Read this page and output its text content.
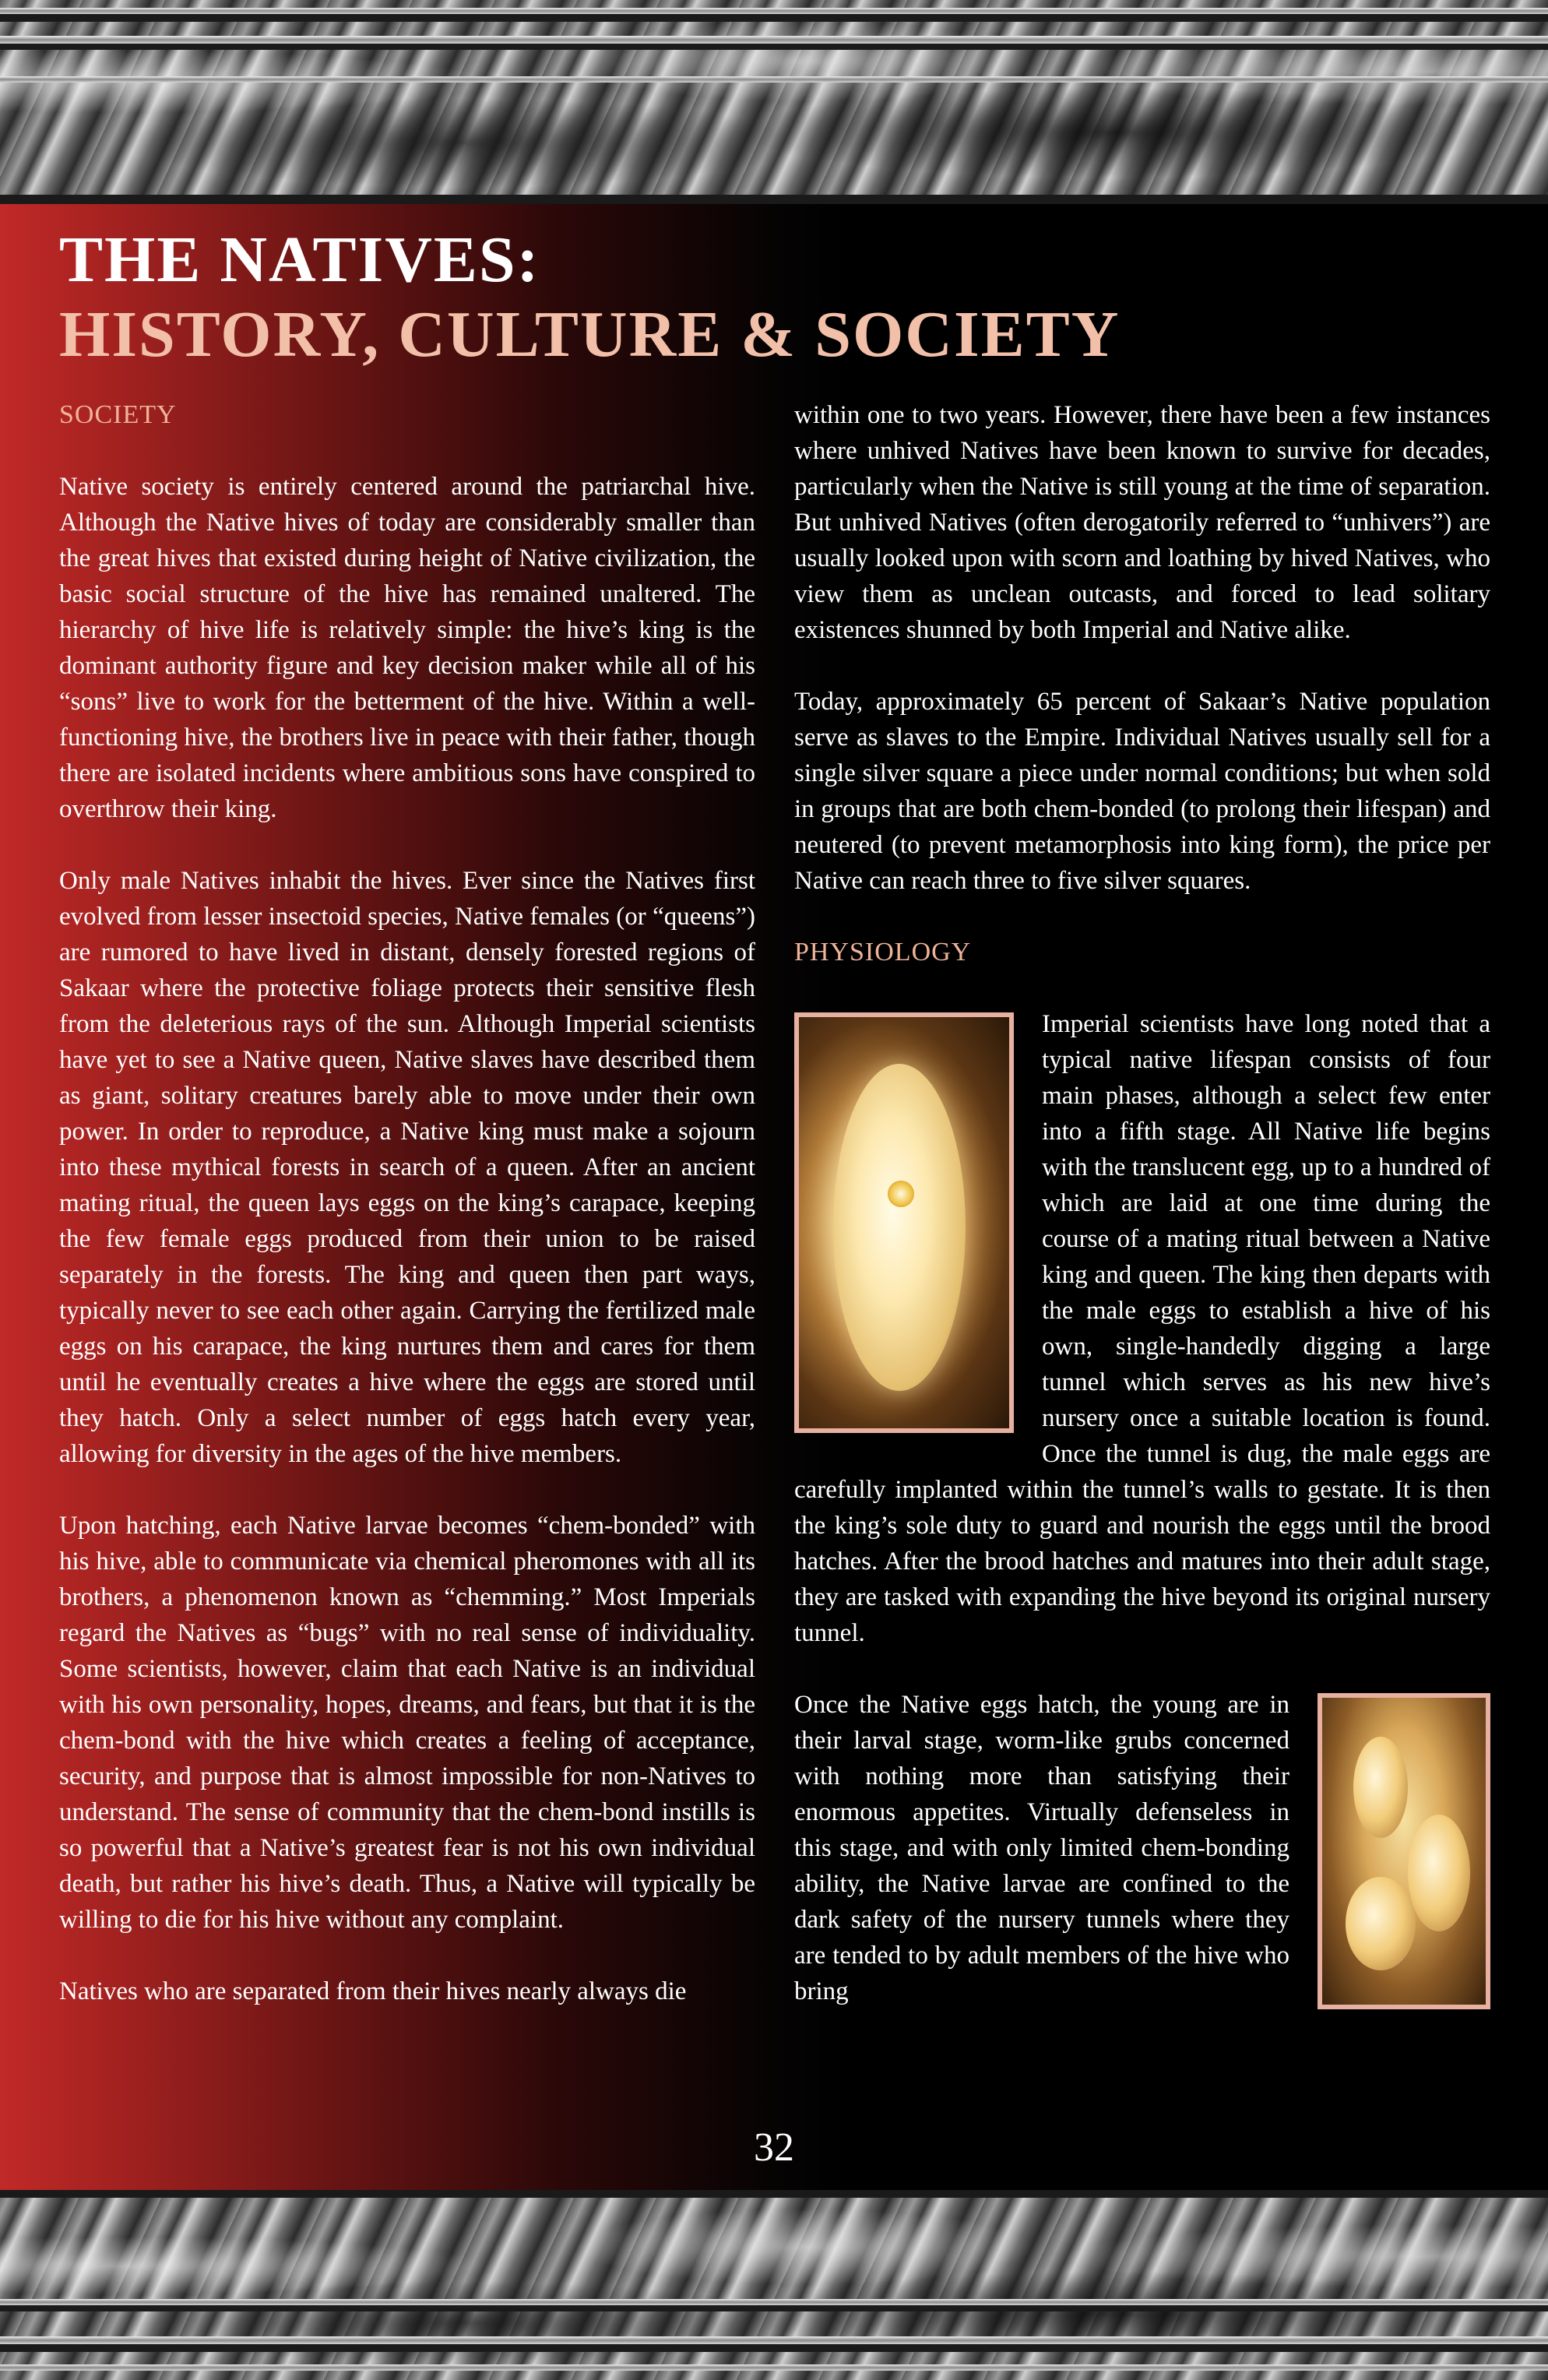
THE NATIVES:
HISTORY, CULTURE & SOCIETY
SOCIETY

Native society is entirely centered around the patriarchal hive. Although the Native hives of today are considerably smaller than the great hives that existed during height of Native civilization, the basic social structure of the hive has remained unaltered. The hierarchy of hive life is relatively simple: the hive’s king is the dominant authority figure and key decision maker while all of his “sons” live to work for the betterment of the hive. Within a well-functioning hive, the brothers live in peace with their father, though there are isolated incidents where ambitious sons have conspired to overthrow their king.

Only male Natives inhabit the hives. Ever since the Natives first evolved from lesser insectoid species, Native females (or “queens”) are rumored to have lived in distant, densely forested regions of Sakaar where the protective foliage protects their sensitive flesh from the deleterious rays of the sun. Although Imperial scientists have yet to see a Native queen, Native slaves have described them as giant, solitary creatures barely able to move under their own power. In order to reproduce, a Native king must make a sojourn into these mythical forests in search of a queen. After an ancient mating ritual, the queen lays eggs on the king’s carapace, keeping the few female eggs produced from their union to be raised separately in the forests. The king and queen then part ways, typically never to see each other again. Carrying the fertilized male eggs on his carapace, the king nurtures them and cares for them until he eventually creates a hive where the eggs are stored until they hatch. Only a select number of eggs hatch every year, allowing for diversity in the ages of the hive members.

Upon hatching, each Native larvae becomes “chem-bonded” with his hive, able to communicate via chemical pheromones with all its brothers, a phenomenon known as “chemming.” Most Imperials regard the Natives as “bugs” with no real sense of individuality. Some scientists, however, claim that each Native is an individual with his own personality, hopes, dreams, and fears, but that it is the chem-bond with the hive which creates a feeling of acceptance, security, and purpose that is almost impossible for non-Natives to understand. The sense of community that the chem-bond instills is so powerful that a Native’s greatest fear is not his own individual death, but rather his hive’s death. Thus, a Native will typically be willing to die for his hive without any complaint.

Natives who are separated from their hives nearly always die

within one to two years. However, there have been a few instances where unhived Natives have been known to survive for decades, particularly when the Native is still young at the time of separation. But unhived Natives (often derogatorily referred to “unhivers”) are usually looked upon with scorn and loathing by hived Natives, who view them as unclean outcasts, and forced to lead solitary existences shunned by both Imperial and Native alike.

Today, approximately 65 percent of Sakaar’s Native population serve as slaves to the Empire. Individual Natives usually sell for a single silver square a piece under normal conditions; but when sold in groups that are both chem-bonded (to prolong their lifespan) and neutered (to prevent metamorphosis into king form), the price per Native can reach three to five silver squares.

PHYSIOLOGY

Imperial scientists have long noted that a typical native lifespan consists of four main phases, although a select few enter into a fifth stage. All Native life begins with the translucent egg, up to a hundred of which are laid at one time during the course of a mating ritual between a Native king and queen. The king then departs with the male eggs to establish a hive of his own, single-handedly digging a large tunnel which serves as his new hive’s nursery once a suitable location is found. Once the tunnel is dug, the male eggs are carefully implanted within the tunnel’s walls to gestate. It is then the king’s sole duty to guard and nourish the eggs until the brood hatches. After the brood hatches and matures into their adult stage, they are tasked with expanding the hive beyond its original nursery tunnel.

Once the Native eggs hatch, the young are in their larval stage, worm-like grubs concerned with nothing more than satisfying their enormous appetites. Virtually defenseless in this stage, and with only limited chem-bonding ability, the Native larvae are confined to the dark safety of the nursery tunnels where they are tended to by adult members of the hive who bring

32
